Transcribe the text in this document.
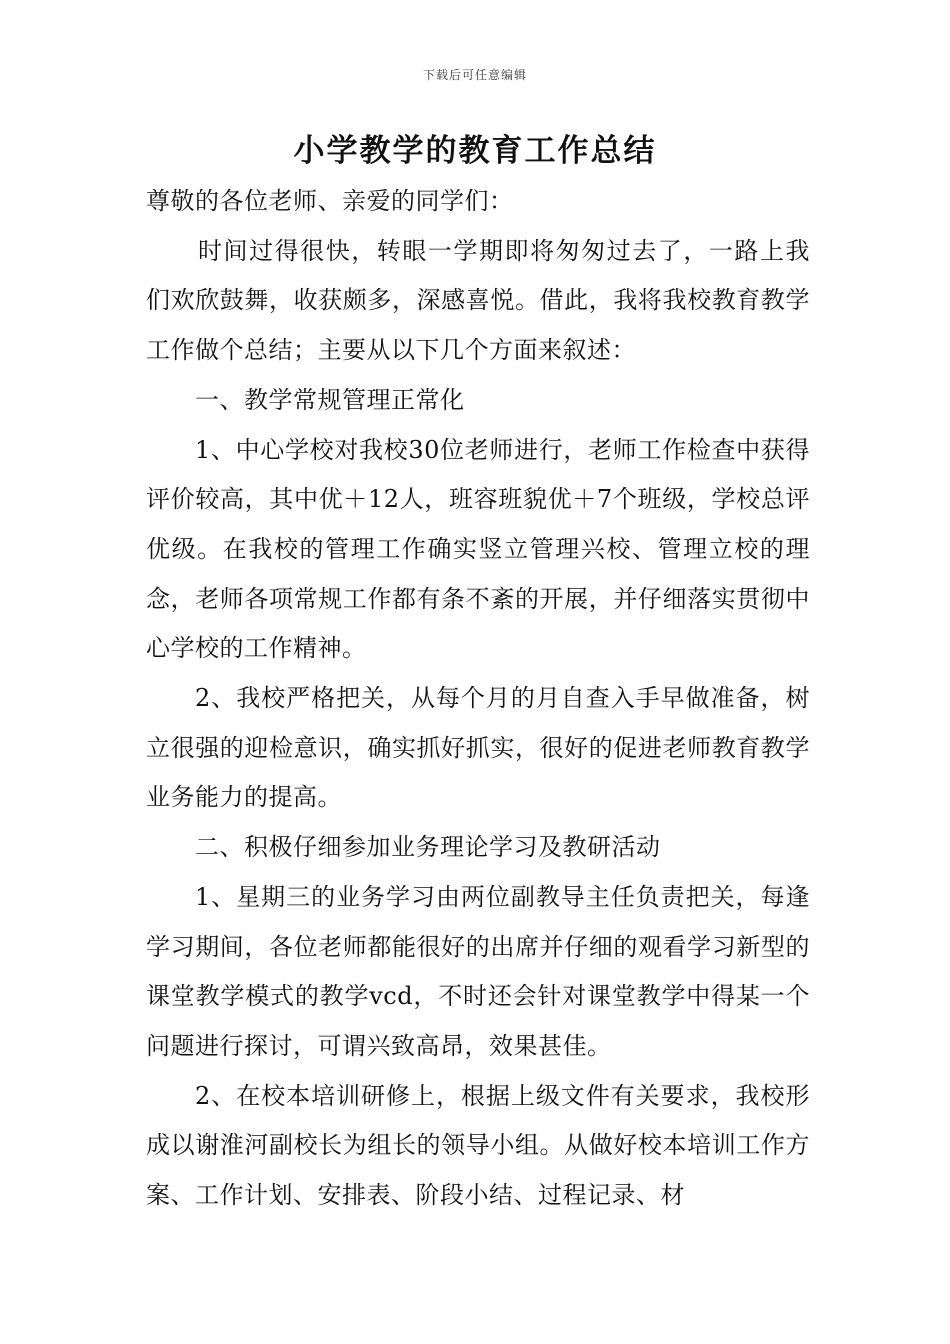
下载后可任意编辑
小学教学的教育工作总结

尊敬的各位老师、亲爱的同学们：

时间过得很快，转眼一学期即将匆匆过去了，一路上我们欢欣鼓舞，收获颇多，深感喜悦。借此，我将我校教育教学工作做个总结；主要从以下几个方面来叙述：

一、教学常规管理正常化

1、中心学校对我校30位老师进行，老师工作检查中获得评价较高，其中优＋12人，班容班貌优＋7个班级，学校总评优级。在我校的管理工作确实竖立管理兴校、管理立校的理念，老师各项常规工作都有条不紊的开展，并仔细落实贯彻中心学校的工作精神。

2、我校严格把关，从每个月的月自查入手早做准备，树立很强的迎检意识，确实抓好抓实，很好的促进老师教育教学业务能力的提高。

二、积极仔细参加业务理论学习及教研活动

1、星期三的业务学习由两位副教导主任负责把关，每逢学习期间，各位老师都能很好的出席并仔细的观看学习新型的课堂教学模式的教学vcd，不时还会针对课堂教学中得某一个问题进行探讨，可谓兴致高昂，效果甚佳。

2、在校本培训研修上，根据上级文件有关要求，我校形成以谢淮河副校长为组长的领导小组。从做好校本培训工作方案、工作计划、安排表、阶段小结、过程记录、材
